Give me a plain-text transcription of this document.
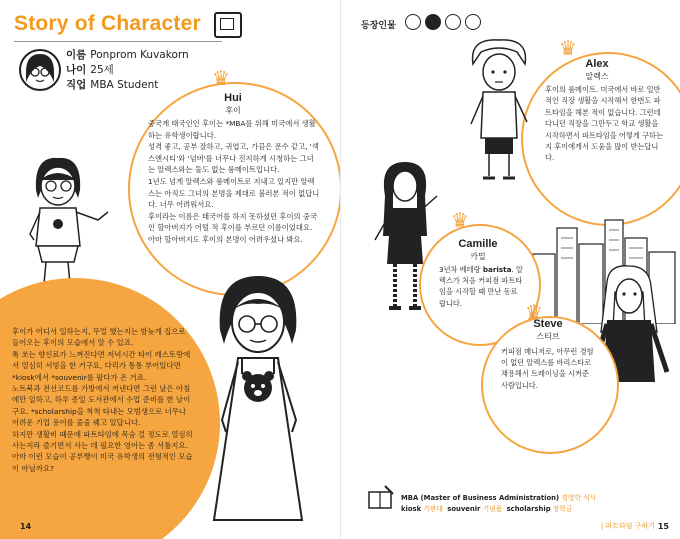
Story of Character
이름 Ponprom Kuvakorn
나이 25세
직업 MBA Student	♛
Hui
후이

중국계 태국인인 후이는 *MBA를 위해 미국에서 생활하는 유학생이랍니다.

성격 좋고, 공부 잘하고, 귀엽고, 가끔은 푼수 같고, '섹스앤시티'와 '넘버'를 너무나 진지하게 시청하는 그녀는 알렉스와는 둘도 없는 룸메이트입니다.

1년도 넘게 알렉스와 룸메이트로 지내고 있지만 알렉스는 아직도 그녀의 본명을 제대로 불러본 적이 없답니다. 너무 어려워서요.

후이라는 이름은 태국어를 하지 못하셨던 후이의 중국인 할아버지가 어떨 적 후이를 부르던 이름이었대요. 아마 할아버지도 후이의 본명이 어려우셨나 봐요.

후이가 어디서 일하는지, 무얼 했는지는 밤늦게 집으로 들어오는 후이의 모습에서 알 수 있죠.

툭 쏘는 향신료가 느껴진다면 저녁시간 타이 레스토랑에서 열심히 서빙을 한 거구요, 다리가 퉁퉁 부어있다면 *kiosk에서 *souvenir를 팔다가 온 거죠.

노트북과 전선코드를 가방에서 꺼낸다면 그런 날은 아침에만 일하고, 하루 종일 도서관에서 수업 준비를 한 날이구요. *scholarship을 척척 타내는 모범생으로 너무나 어려운 기업 용어를 줄줄 꿰고 있답니다.

하지만 생활비 때문에 파트타임에 목숨 걸 정도로 열심히 사는지라 즐기면서 사는 데 필요한 영어는 좀 서툴지요.

아마 이런 모습이 공부쨍이 미국 유학생의 전형적인 모습이 아닐까요?

14
등장인물
♛
Alex
알렉스
후이의 룸메이트. 미국에서 바로 일반적인 직장 생활을 시작해서 한번도 파트타임을 해본 적이 없습니다. 그런데 다니던 직장을 그만두고 학교 생활을 시작하면서 파트타임을 어떻게 구하는지 후이에게서 도움을 많이 받는답니다.
♛
Camille
카밀
3년차 베테랑 barista. 알렉스가 처음 커피점 파트타임을 시작할 때 만난 동료랍니다.	♛
Steve
스티브
커피점 매니저로, 아무런 경험이 없던 알렉스를 바리스타로 채용해서 트레이닝을 시켜준 사람입니다.
MBA (Master of Business Administration) 경영학 석사
kiosk 가판대 souvenir 기념품 scholarship 장학금
| 파트타임 구하기 15
